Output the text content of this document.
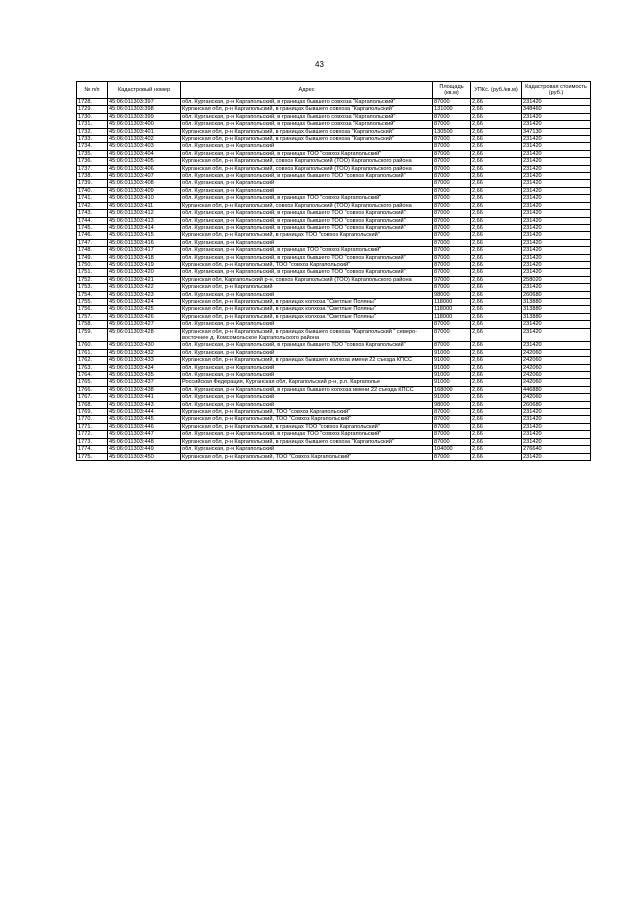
43
№ п/п	Кадастровый номер	Адрес	Площадь (кв.м)	УПКс. (руб./кв.м)	Кадастровая стоимость (руб.)
1728.	45:06:011303:397	обл. Курганская, р-н Каргапольский, в границах бывшего совхоза "Каргапольский"	87000	2,66	231420
1729.	45:06:011303:398	Курганская обл, р-н Каргапольский, в границах бывшего совхоза "Каргапольский"	131000	2,66	348460
1730.	45:06:011303:399	обл. Курганская, р-н Каргапольский, в границах бывшего совхоза "Каргапольский"	87000	2,66	231420
1731.	45:06:011303:400	обл. Курганская, р-н Каргапольский, в границах бывшего совхоза "Каргапольский"	87000	2,66	231420
1732.	45:06:011303:401	Курганская обл, р-н Каргапольский, в границах бывшего совхоза "Каргапольский"	130500	2,66	347130
1733.	45:06:011303:402	Курганская обл, р-н Каргапольский, в границах бывшего совхоза "Каргапольский"	87000	2,66	231420
1734.	45:06:011303:403	обл. Курганская, р-н Каргапольский	87000	2,66	231420
1735.	45:06:011303:404	обл. Курганская, р-н Каргапольский, в границах ТОО "совхоз Каргапольский"	87000	2,66	231420
1736.	45:06:011303:405	Курганская обл, р-н Каргапольский, совхоз Каргапольский (ТОО) Каргапольского района	87000	2,66	231420
1737.	45:06:011303:406	Курганская обл, р-н Каргапольский, совхоз Каргапольский (ТОО) Каргапольского района	87000	2,66	231420
1738.	45:06:011303:407	обл. Курганская, р-н Каргапольский, в границах бывшего ТОО "совхоз Каргапольский"	87000	2,66	231420
1739.	45:06:011303:408	обл. Курганская, р-н Каргапольский	87000	2,66	231420
1740.	45:06:011303:409	обл. Курганская, р-н Каргапольский	87000	2,66	231420
1741.	45:06:011303:410	обл. Курганская, р-н Каргапольский, в границах ТОО "совхоз Каргапольский"	87000	2,66	231420
1742.	45:06:011303:411	Курганская обл, р-н Каргапольский, совхоз Каргапольский (ТОО) Каргапольского района	87000	2,66	231420
1743.	45:06:011303:412	обл. Курганская, р-н Каргапольский, в границах бывшего ТОО "совхоз Каргапольский"	87000	2,66	231420
1744.	45:06:011303:413	обл. Курганская, р-н Каргапольский, в границах бывшего ТОО "совхоз Каргапольский"	87000	2,66	231420
1745.	45:06:011303:414	обл. Курганская, р-н Каргапольский, в границах бывшего ТОО "совхоз Каргапольский"	87000	2,66	231420
1746.	45:06:011303:415	Курганская обл, р-н Каргапольский, в границах ТОО "совхоз Каргапольский"	87000	2,66	231420
1747.	45:06:011303:416	обл. Курганская, р-н Каргапольский	87000	2,66	231420
1748.	45:06:011303:417	обл. Курганская, р-н Каргапольский, в границах ТОО "совхоз Каргапольский"	87000	2,66	231420
1749.	45:06:011303:418	обл. Курганская, р-н Каргапольский, в границах бывшего ТОО "совхоз Каргапольский"	87000	2,66	231420
1750.	45:06:011303:419	Курганская обл, р-н Каргапольский, ТОО "совхоз Каргапольский"	87000	2,66	231420
1751.	45:06:011303:420	обл. Курганская, р-н Каргапольский, в границах бывшего ТОО "совхоз Каргапольский"	87000	2,66	231420
1752.	45:06:011303:421	Курганская обл, Каргапольский р-н, совхоз Каргапольский (ТОО) Каргапольского района	97000	2,66	258020
1753.	45:06:011303:422	Курганская обл, р-н Каргапольский	87000	2,66	231420
1754.	45:06:011303:423	обл. Курганская, р-н Каргапольский	98000	2,66	260680
1755.	45:06:011303:424	Курганская обл, р-н Каргапольский, в границах колхоза "Светлые Поляны"	118000	2,66	313880
1756.	45:06:011303:425	Курганская обл, р-н Каргапольский, в границах колхоза "Светлые Поляны"	118000	2,66	313880
1757.	45:06:011303:426	Курганская обл, р-н Каргапольский, в границах колхоза "Светлые Поляны"	118000	2,66	313880
1758.	45:06:011303:427	обл. Курганская, р-н Каргапольский	87000	2,66	231420
1759.	45:06:011303:428	Курганская обл, р-н Каргапольский, в границах бывшего совхоза "Каргапольский " северо-восточнее д. Комсомольское Каргапольского района	87000	2,66	231420
1760.	45:06:011303:430	обл. Курганская, р-н Каргапольский, в границах бывшего ТОО "совхоз Каргапольский"	87000	2,66	231420
1761.	45:06:011303:432	обл. Курганская, р-н Каргапольский	91000	2,66	242060
1762.	45:06:011303:433	Курганская обл, р-н Каргапольский, в границах бывшего колхоза имени 22 съезда КПСС	91000	2,66	242060
1763.	45:06:011303:434	обл. Курганская, р-н Каргапольский	91000	2,66	242060
1764.	45:06:011303:435	обл. Курганская, р-н Каргапольский	91000	2,66	242060
1765.	45:06:011303:437	Российская Федерация, Курганская обл, Каргапольский р-н, р.п. Каргаполье	91000	2,66	242060
1766.	45:06:011303:438	обл. Курганская, р-н Каргапольский, в границах бывшего колхоза имени 22 съезда КПСС	168000	2,66	446880
1767.	45:06:011303:441	обл. Курганская, р-н Каргапольский	91000	2,66	242060
1768.	45:06:011303:443	обл. Курганская, р-н Каргапольский	98000	2,66	260680
1769.	45:06:011303:444	Курганская обл, р-н Каргапольский, ТОО "совхоз Каргапольский"	87000	2,66	231420
1770.	45:06:011303:445	Курганская обл, р-н Каргапольский, ТОО "Совхоз Каргапольский"	87000	2,66	231420
1771.	45:06:011303:446	Курганская обл, р-н Каргапольский, в границах ТОО "совхоз Каргапольский"	87000	2,66	231420
1772.	45:06:011303:447	обл. Курганская, р-н Каргапольский, в границах ТОО "совхоз Каргапольский"	87000	2,66	231420
1773.	45:06:011303:448	Курганская обл, р-н Каргапольский, в границах бывшего совхоза "Каргапольский"	87000	2,66	231420
1774.	45:06:011303:449	обл. Курганская, р-н Каргапольский	104000	2,66	276640
1775.	45:06:011303:450	Курганская обл, р-н Каргапольский, ТОО "Совхоз Каргапольский"	87000	2,66	231420
